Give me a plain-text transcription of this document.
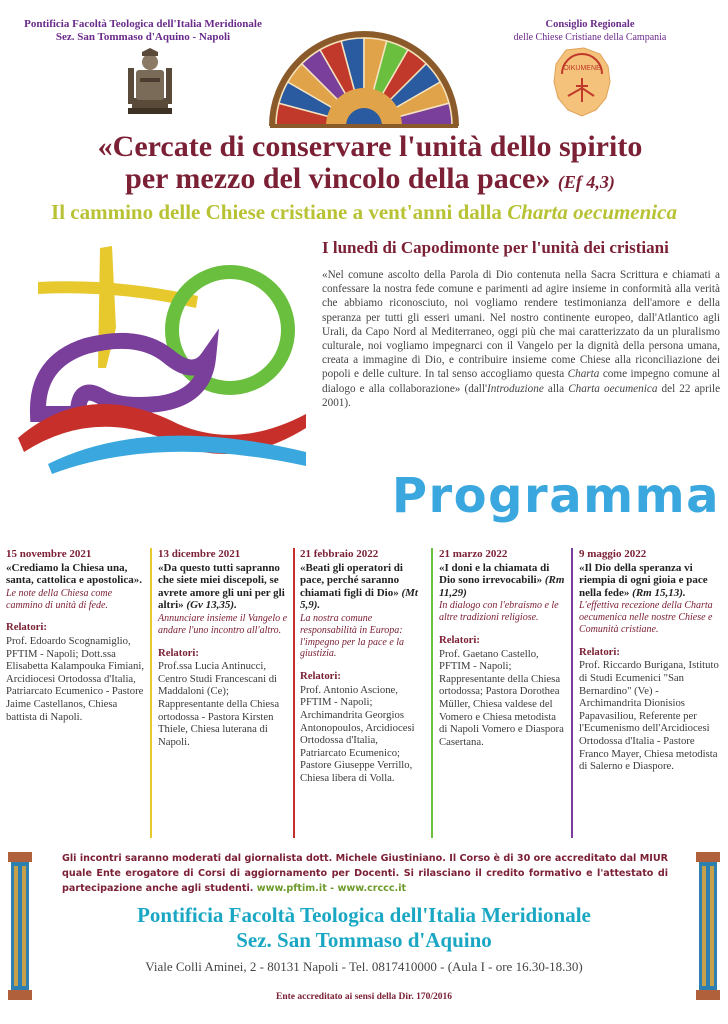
Pontificia Facoltà Teologica dell'Italia Meridionale
Sez. San Tommaso d'Aquino - Napoli
Consiglio Regionale
delle Chiese Cristiane della Campania
OIKUMENE
«Cercate di conservare l'unità dello spirito
per mezzo del vincolo della pace» (Ef 4,3)
Il cammino delle Chiese cristiane a vent'anni dalla Charta oecumenica
I lunedì di Capodimonte per l'unità dei cristiani
«Nel comune ascolto della Parola di Dio contenuta nella Sacra Scrittura e chiamati a confessare la nostra fede comune e parimenti ad agire insieme in conformità alla verità che abbiamo riconosciuto, noi vogliamo rendere testimonianza dell'amore e della speranza per tutti gli esseri umani. Nel nostro continente europeo, dall'Atlantico agli Urali, da Capo Nord al Mediterraneo, oggi più che mai caratterizzato da un pluralismo culturale, noi vogliamo impegnarci con il Vangelo per la dignità della persona umana, creata a immagine di Dio, e contribuire insieme come Chiese alla riconciliazione dei popoli e delle culture. In tal senso accogliamo questa Charta come impegno comune al dialogo e alla collaborazione» (dall'Introduzione alla Charta oecumenica del 22 aprile 2001).
Programma
15 novembre 2021
«Crediamo la Chiesa una, santa, cattolica e apostolica».
Le note della Chiesa come cammino di unità di fede.
Relatori:
Prof. Edoardo Scognamiglio, PFTIM - Napoli; Dott.ssa Elisabetta Kalampouka Fimiani, Arcidiocesi Ortodossa d'Italia, Patriarcato Ecumenico - Pastore Jaime Castellanos, Chiesa battista di Napoli.
13 dicembre 2021
«Da questo tutti sapranno che siete miei discepoli, se avrete amore gli uni per gli altri» (Gv 13,35).
Annunciare insieme il Vangelo e andare l'uno incontro all'altro.
Relatori:
Prof.ssa Lucia Antinucci, Centro Studi Francescani di Maddaloni (Ce); Rappresentante della Chiesa ortodossa - Pastora Kirsten Thiele, Chiesa luterana di Napoli.
21 febbraio 2022
«Beati gli operatori di pace, perché saranno chiamati figli di Dio» (Mt 5,9).
La nostra comune responsabilità in Europa: l'impegno per la pace e la giustizia.
Relatori:
Prof. Antonio Ascione, PFTIM - Napoli; Archimandrita Georgios Antonopoulos, Arcidiocesi Ortodossa d'Italia, Patriarcato Ecumenico; Pastore Giuseppe Verrillo, Chiesa libera di Volla.
21 marzo 2022
«I doni e la chiamata di Dio sono irrevocabili» (Rm 11,29)
In dialogo con l'ebraismo e le altre tradizioni religiose.
Relatori:
Prof. Gaetano Castello, PFTIM - Napoli; Rappresentante della Chiesa ortodossa; Pastora Dorothea Müller, Chiesa valdese del Vomero e Chiesa metodista di Napoli Vomero e Diaspora Casertana.
9 maggio 2022
«Il Dio della speranza vi riempia di ogni gioia e pace nella fede» (Rm 15,13).
L'effettiva recezione della Charta oecumenica nelle nostre Chiese e Comunità cristiane.
Relatori:
Prof. Riccardo Burigana, Istituto di Studi Ecumenici "San Bernardino" (Ve) - Archimandrita Dionisios Papavasiliou, Referente per l'Ecumenismo dell'Arcidiocesi Ortodossa d'Italia - Pastore Franco Mayer, Chiesa metodista di Salerno e Diaspore.
Gli incontri saranno moderati dal giornalista dott. Michele Giustiniano. Il Corso è di 30 ore accreditato dal MIUR quale Ente erogatore di Corsi di aggiornamento per Docenti. Si rilasciano il credito formativo e l'attestato di partecipazione anche agli studenti. www.pftim.it - www.crccc.it
Pontificia Facoltà Teologica dell'Italia Meridionale
Sez. San Tommaso d'Aquino
Viale Colli Aminei, 2 - 80131 Napoli - Tel. 0817410000 - (Aula I - ore 16.30-18.30)
Ente accreditato ai sensi della Dir. 170/2016
